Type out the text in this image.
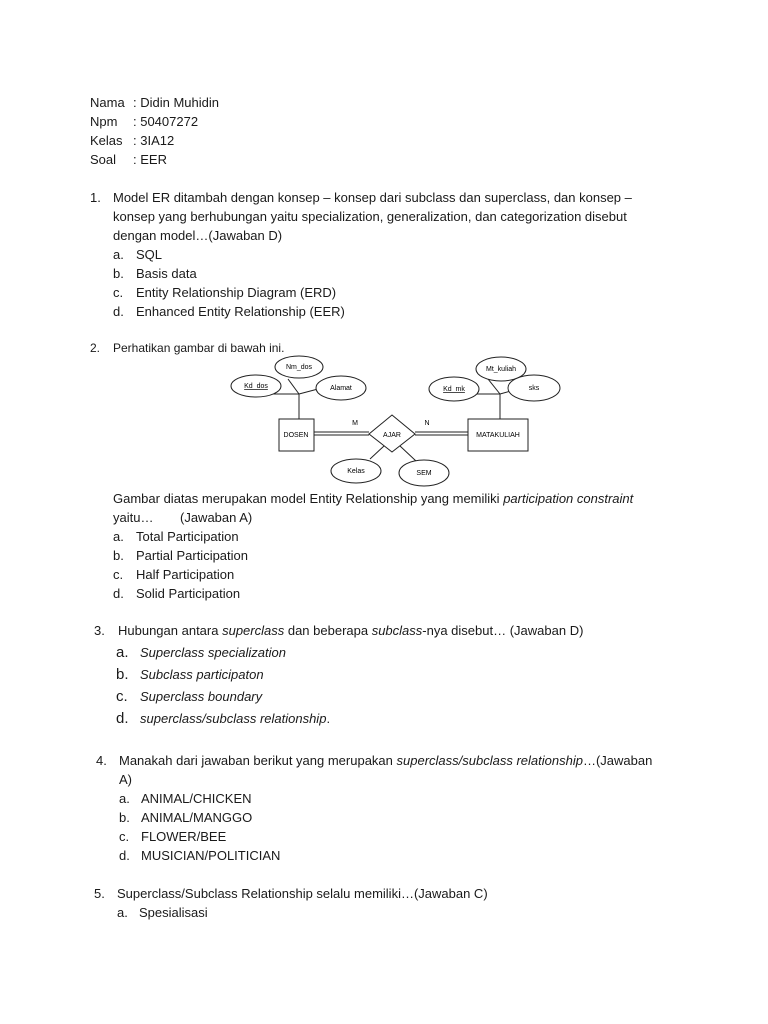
Nama : Didin Muhidin
Npm : 50407272
Kelas : 3IA12
Soal : EER
1. Model ER ditambah dengan konsep – konsep dari subclass dan superclass, dan konsep –
konsep yang berhubungan yaitu specialization, generalization, dan categorization disebut
dengan model…(Jawaban D)
a. SQL
b. Basis data
c. Entity Relationship Diagram (ERD)
d. Enhanced Entity Relationship (EER)
2. Perhatikan gambar di bawah ini.
Kd_dos
Nm_dos
Alamat	Kd_mk
Mt_kuliah
sks
Kelas	SEM
DOSEN	MATAKULIAH
AJAR
M	N
Gambar diatas merupakan model Entity Relationship yang memiliki participation constraint
yaitu… (Jawaban A)
a. Total Participation
b. Partial Participation
c. Half Participation
d. Solid Participation
3. Hubungan antara superclass dan beberapa subclass-nya disebut… (Jawaban D)
a. Superclass specialization
b. Subclass participaton
c. Superclass boundary
d. superclass/subclass relationship.
4. Manakah dari jawaban berikut yang merupakan superclass/subclass relationship…(Jawaban
A)
a. ANIMAL/CHICKEN
b. ANIMAL/MANGGO
c. FLOWER/BEE
d. MUSICIAN/POLITICIAN
5. Superclass/Subclass Relationship selalu memiliki…(Jawaban C)
a. Spesialisasi
